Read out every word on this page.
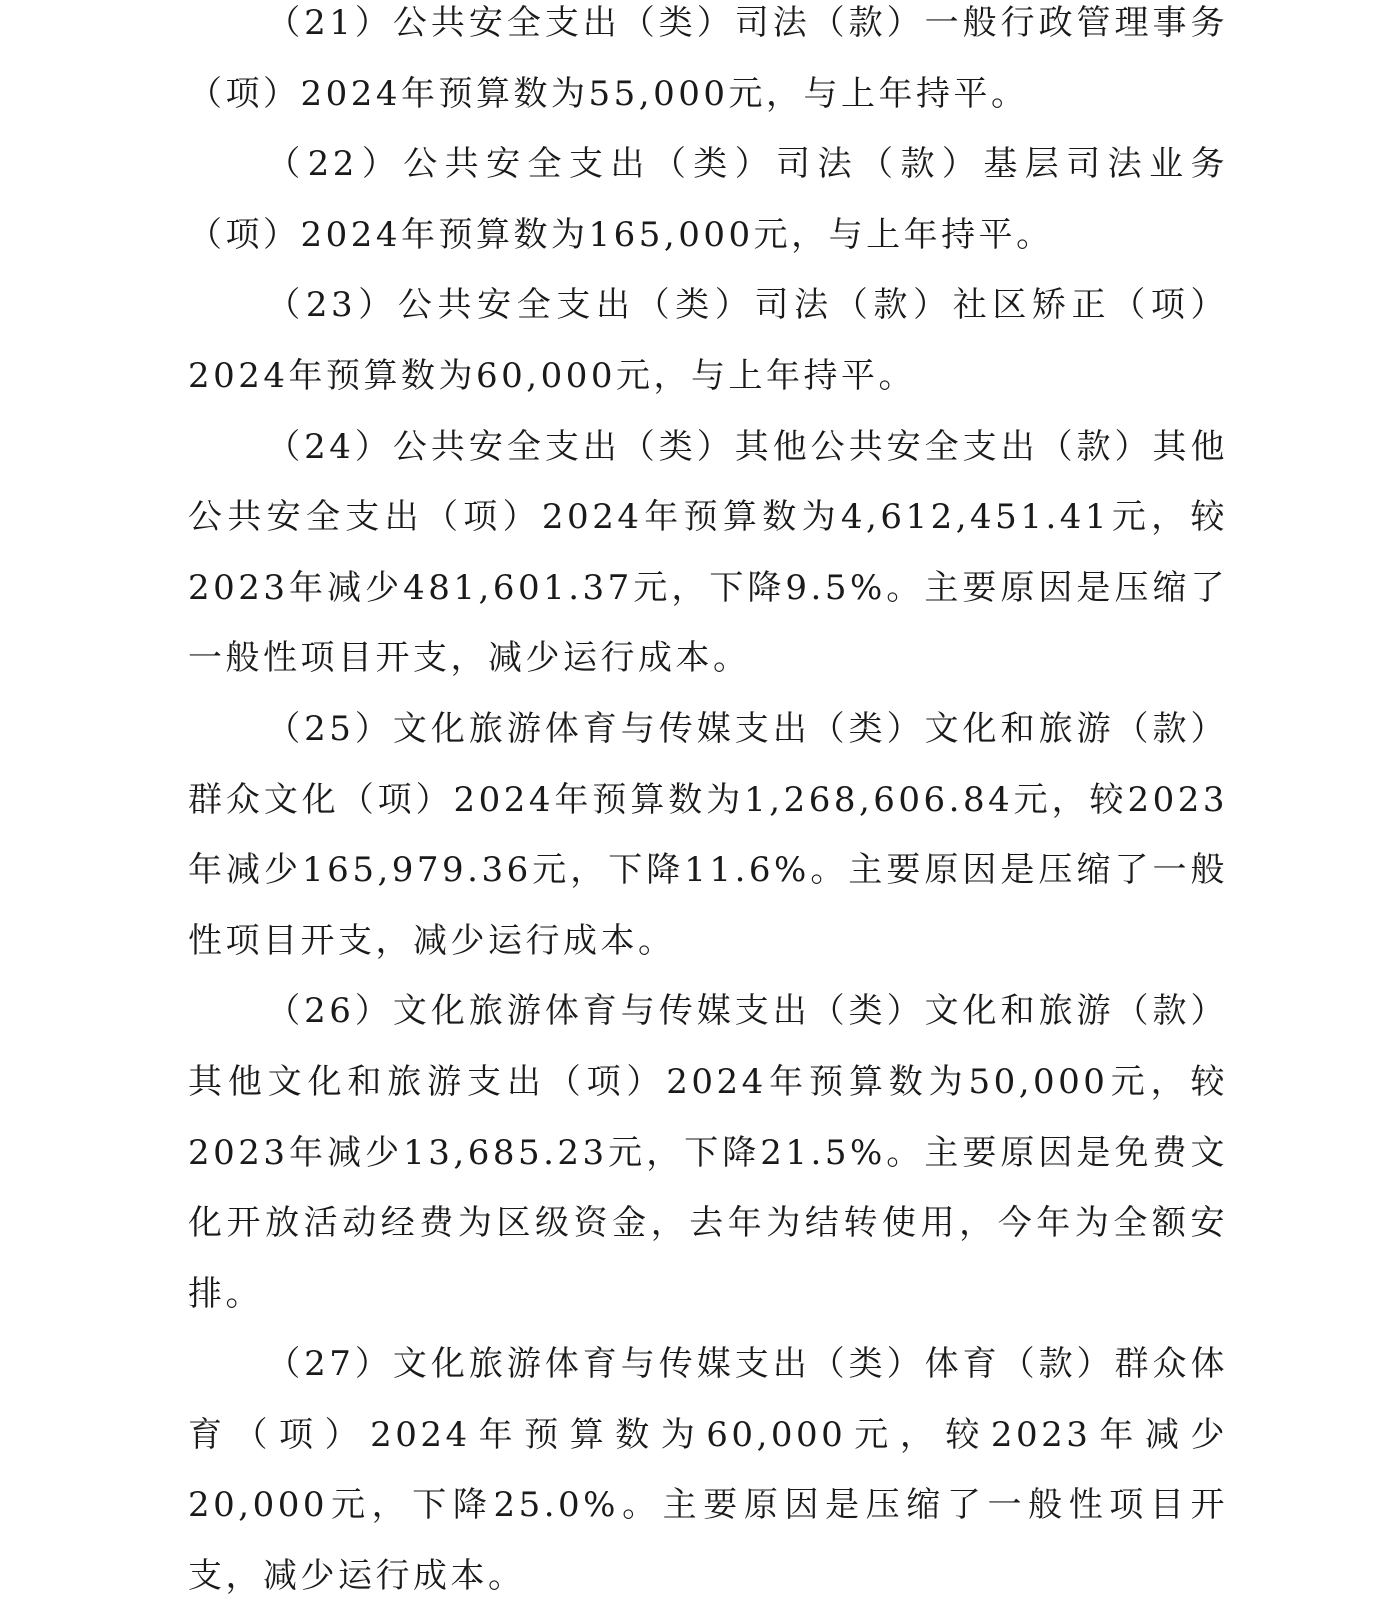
（21）公共安全支出（类）司法（款）一般行政管理事务（项）2024年预算数为55,000元，与上年持平。

（22）公共安全支出（类）司法（款）基层司法业务（项）2024年预算数为165,000元，与上年持平。

（23）公共安全支出（类）司法（款）社区矫正（项）2024年预算数为60,000元，与上年持平。

（24）公共安全支出（类）其他公共安全支出（款）其他公共安全支出（项）2024年预算数为4,612,451.41元，较2023年减少481,601.37元，下降9.5%。主要原因是压缩了一般性项目开支，减少运行成本。

（25）文化旅游体育与传媒支出（类）文化和旅游（款）群众文化（项）2024年预算数为1,268,606.84元，较2023年减少165,979.36元，下降11.6%。主要原因是压缩了一般性项目开支，减少运行成本。

（26）文化旅游体育与传媒支出（类）文化和旅游（款）其他文化和旅游支出（项）2024年预算数为50,000元，较2023年减少13,685.23元，下降21.5%。主要原因是免费文化开放活动经费为区级资金，去年为结转使用，今年为全额安排。

（27）文化旅游体育与传媒支出（类）体育（款）群众体育（项）2024年预算数为60,000元，较2023年减少20,000元，下降25.0%。主要原因是压缩了一般性项目开支，减少运行成本。
